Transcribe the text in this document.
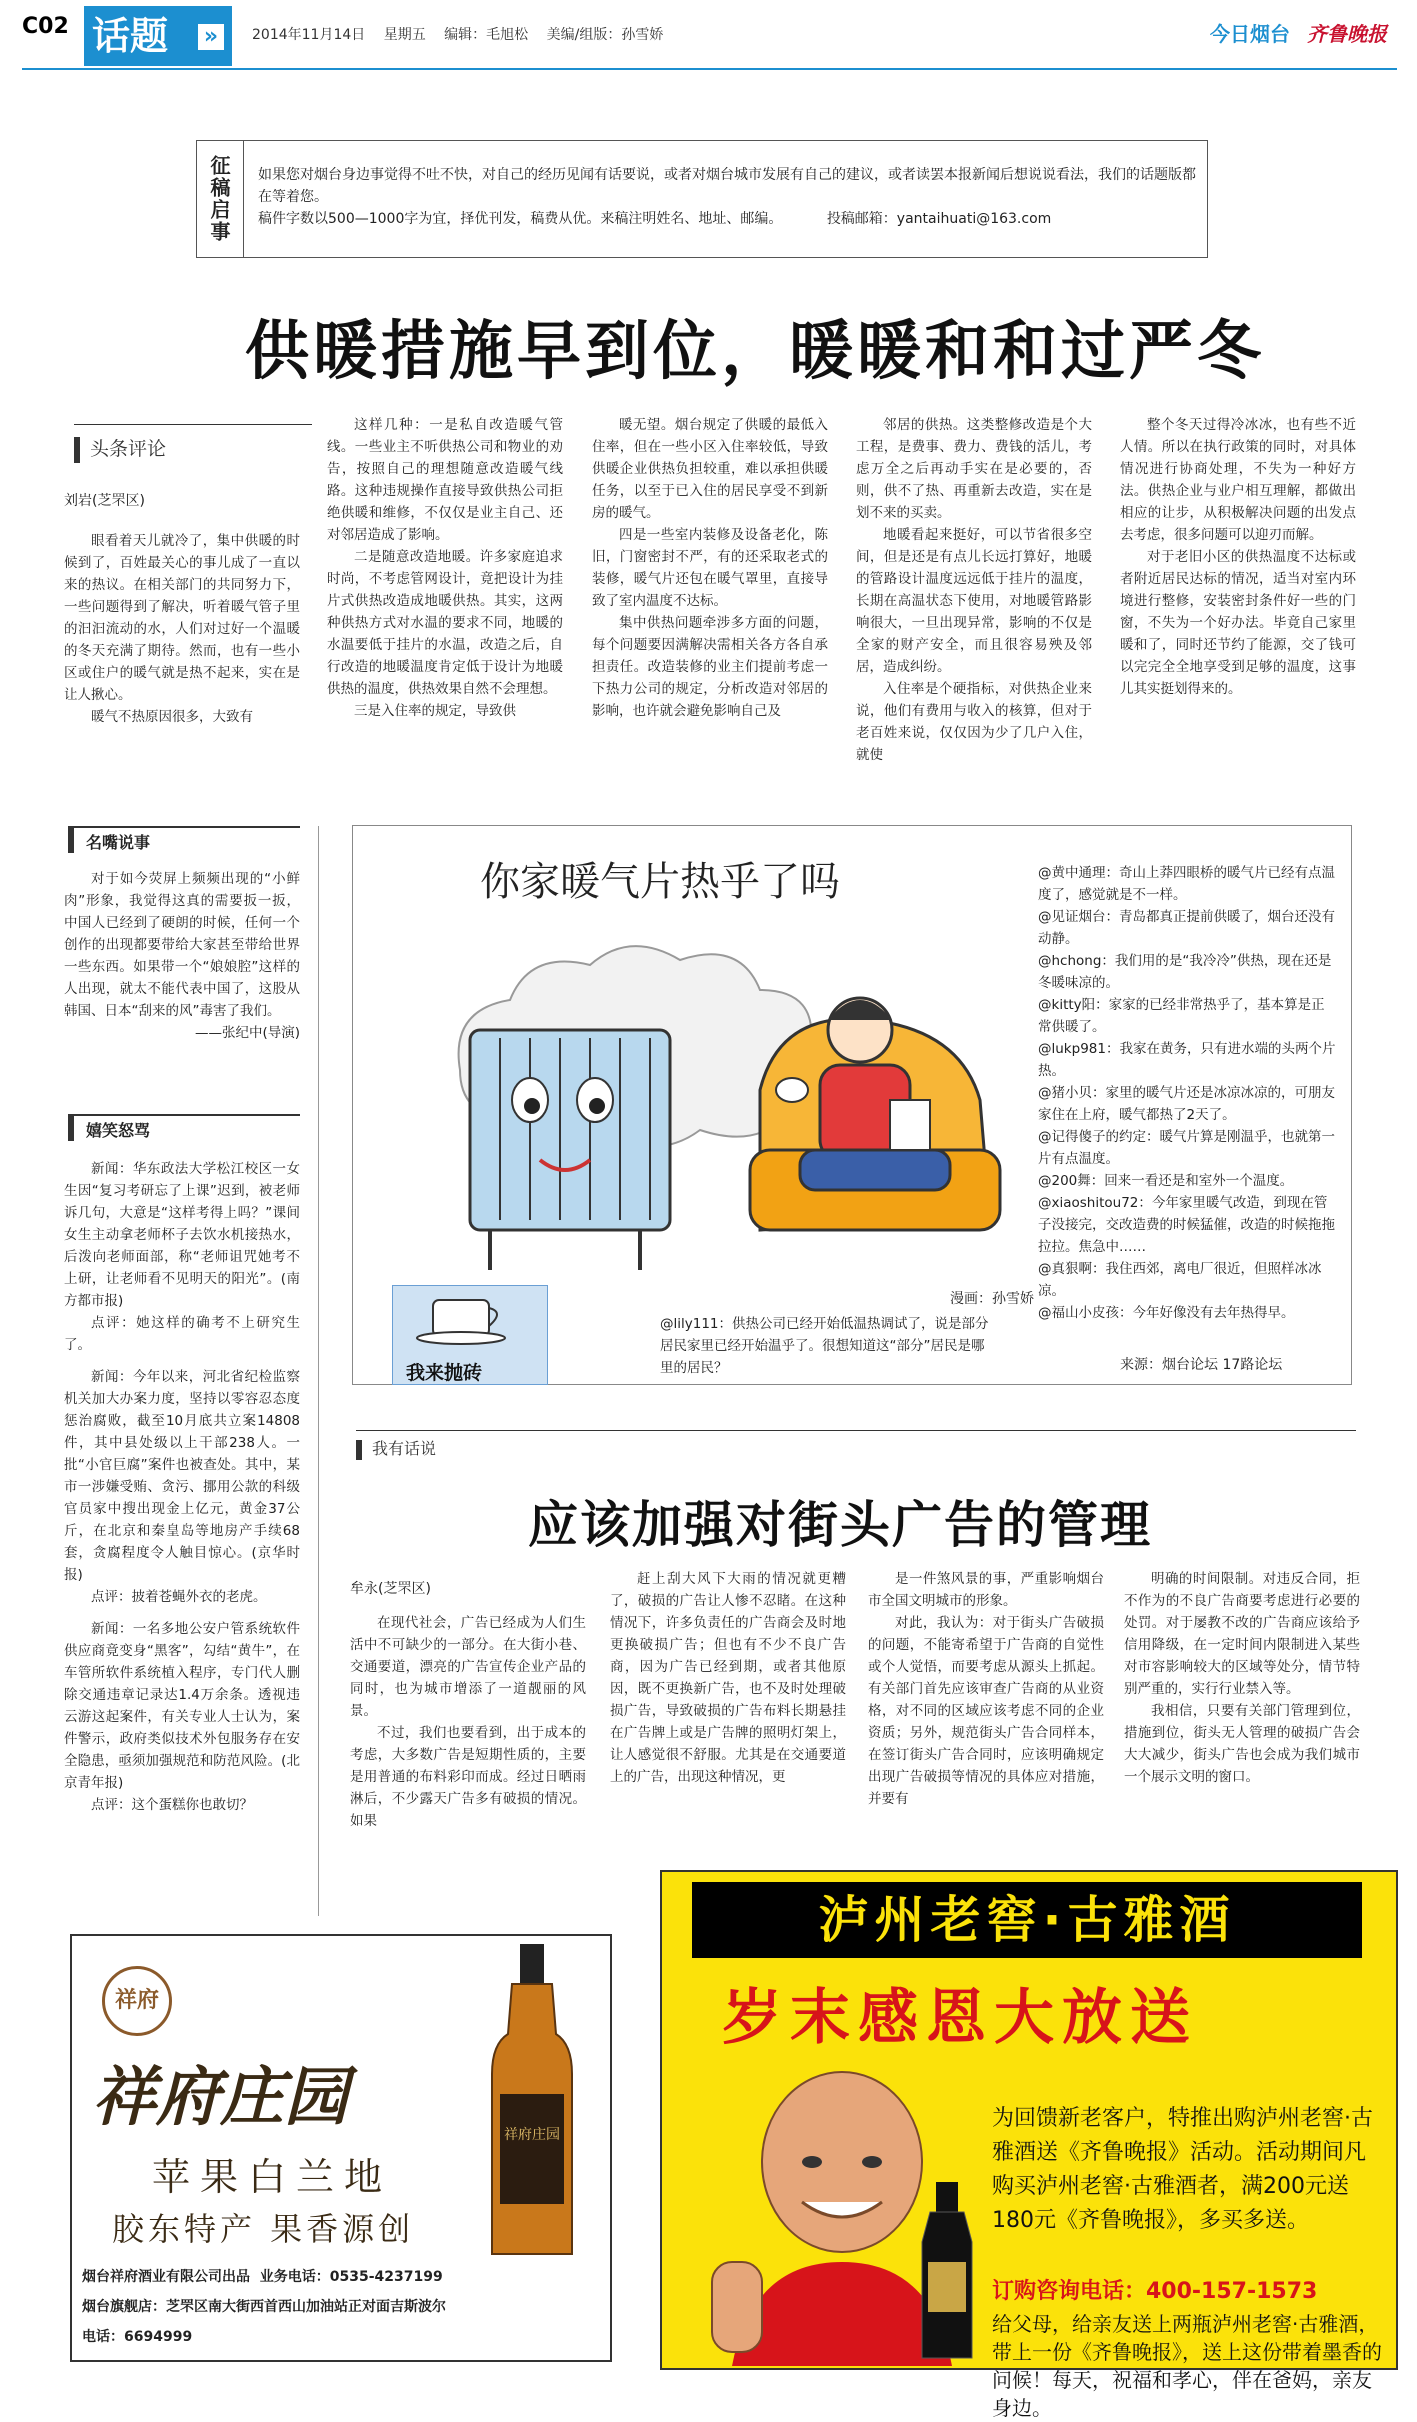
C02 话题 »	2014年11月14日 星期五 编辑：毛旭松 美编/组版：孙雪娇	今日烟台 齐鲁晚报
征稿启事	如果您对烟台身边事觉得不吐不快，对自己的经历见闻有话要说，或者对烟台城市发展有自己的建议，或者读罢本报新闻后想说说看法，我们的话题版都在等着您。
稿件字数以500—1000字为宜，择优刊发，稿费从优。来稿注明姓名、地址、邮编。	投稿邮箱：yantaihuati@163.com
供暖措施早到位，暖暖和和过严冬
头条评论
刘岩(芝罘区)

眼看着天儿就冷了，集中供暖的时候到了，百姓最关心的事儿成了一直以来的热议。在相关部门的共同努力下，一些问题得到了解决，听着暖气管子里的汩汩流动的水，人们对过好一个温暖的冬天充满了期待。然而，也有一些小区或住户的暖气就是热不起来，实在是让人揪心。

暖气不热原因很多，大致有

这样几种：一是私自改造暖气管线。一些业主不听供热公司和物业的劝告，按照自己的理想随意改造暖气线路。这种违规操作直接导致供热公司拒绝供暖和维修，不仅仅是业主自己、还对邻居造成了影响。

二是随意改造地暖。许多家庭追求时尚，不考虑管网设计，竟把设计为挂片式供热改造成地暖供热。其实，这两种供热方式对水温的要求不同，地暖的水温要低于挂片的水温，改造之后，自行改造的地暖温度肯定低于设计为地暖供热的温度，供热效果自然不会理想。

三是入住率的规定，导致供

暖无望。烟台规定了供暖的最低入住率，但在一些小区入住率较低，导致供暖企业供热负担较重，难以承担供暖任务，以至于已入住的居民享受不到新房的暖气。

四是一些室内装修及设备老化，陈旧，门窗密封不严，有的还采取老式的装修，暖气片还包在暖气罩里，直接导致了室内温度不达标。

集中供热问题牵涉多方面的问题，每个问题要因满解决需相关各方各自承担责任。改造装修的业主们提前考虑一下热力公司的规定，分析改造对邻居的影响，也许就会避免影响自己及

邻居的供热。这类整修改造是个大工程，是费事、费力、费钱的活儿，考虑万全之后再动手实在是必要的，否则，供不了热、再重新去改造，实在是划不来的买卖。

地暖看起来挺好，可以节省很多空间，但是还是有点儿长远打算好，地暖的管路设计温度远远低于挂片的温度，长期在高温状态下使用，对地暖管路影响很大，一旦出现异常，影响的不仅是全家的财产安全，而且很容易殃及邻居，造成纠纷。

入住率是个硬指标，对供热企业来说，他们有费用与收入的核算，但对于老百姓来说，仅仅因为少了几户入住，就使

整个冬天过得冷冰冰，也有些不近人情。所以在执行政策的同时，对具体情况进行协商处理，不失为一种好方法。供热企业与业户相互理解，都做出相应的让步，从积极解决问题的出发点去考虑，很多问题可以迎刃而解。

对于老旧小区的供热温度不达标或者附近居民达标的情况，适当对室内环境进行整修，安装密封条件好一些的门窗，不失为一个好办法。毕竟自己家里暖和了，同时还节约了能源，交了钱可以完完全全地享受到足够的温度，这事儿其实挺划得来的。

名嘴说事

对于如今荧屏上频频出现的“小鲜肉”形象，我觉得这真的需要扳一扳，中国人已经到了硬朗的时候，任何一个创作的出现都要带给大家甚至带给世界一些东西。如果带一个“娘娘腔”这样的人出现，就太不能代表中国了，这股从韩国、日本“刮来的风”毒害了我们。

——张纪中(导演)

嬉笑怒骂

新闻：华东政法大学松江校区一女生因“复习考研忘了上课”迟到，被老师诉几句，大意是“这样考得上吗？”课间女生主动拿老师杯子去饮水机接热水，后泼向老师面部，称“老师诅咒她考不上研，让老师看不见明天的阳光”。(南方都市报)

点评：她这样的确考不上研究生了。

新闻：今年以来，河北省纪检监察机关加大办案力度，坚持以零容忍态度惩治腐败，截至10月底共立案14808件，其中县处级以上干部238人。一批“小官巨腐”案件也被查处。其中，某市一涉嫌受贿、贪污、挪用公款的科级官员家中搜出现金上亿元，黄金37公斤，在北京和秦皇岛等地房产手续68套，贪腐程度令人触目惊心。(京华时报)

点评：披着苍蝇外衣的老虎。

新闻：一名多地公安户管系统软件供应商竟变身“黑客”，勾结“黄牛”，在车管所软件系统植入程序，专门代人删除交通违章记录达1.4万余条。透视违云游这起案件，有关专业人士认为，案件警示，政府类似技术外包服务存在安全隐患，亟须加强规范和防范风险。(北京青年报)

点评：这个蛋糕你也敢切？

你家暖气片热乎了吗
漫画：孙雪娇
我来抛砖

@黄中通理：奇山上莽四眼桥的暖气片已经有点温度了，感觉就是不一样。

@见证烟台：青岛都真正提前供暖了，烟台还没有动静。

@hchong：我们用的是“我冷冷”供热，现在还是冬暖味凉的。

@kitty阳：家家的已经非常热乎了，基本算是正常供暖了。

@lukp981：我家在黄务，只有进水端的头两个片热。

@猪小贝：家里的暖气片还是冰凉冰凉的，可朋友家住在上府，暖气都热了2天了。

@记得傻子的约定：暖气片算是刚温乎，也就第一片有点温度。

@200舞：回来一看还是和室外一个温度。

@xiaoshitou72：今年家里暖气改造，到现在管子没接完，交改造费的时候猛催，改造的时候拖拖拉拉。焦急中……

@真狠啊：我住西郊，离电厂很近，但照样冰冰凉。

@福山小皮孩：今年好像没有去年热得早。

@lily111：供热公司已经开始低温热调试了，说是部分居民家里已经开始温乎了。很想知道这“部分”居民是哪里的居民？	来源：烟台论坛 17路论坛
我有话说
应该加强对街头广告的管理
牟永(芝罘区)

在现代社会，广告已经成为人们生活中不可缺少的一部分。在大街小巷、交通要道，漂亮的广告宣传企业产品的同时，也为城市增添了一道靓丽的风景。

不过，我们也要看到，出于成本的考虑，大多数广告是短期性质的，主要是用普通的布料彩印而成。经过日晒雨淋后，不少露天广告多有破损的情况。如果

赶上刮大风下大雨的情况就更糟了，破损的广告让人惨不忍睹。在这种情况下，许多负责任的广告商会及时地更换破损广告；但也有不少不良广告商，因为广告已经到期，或者其他原因，既不更换新广告，也不及时处理破损广告，导致破损的广告布料长期悬挂在广告牌上或是广告牌的照明灯架上，让人感觉很不舒服。尤其是在交通要道上的广告，出现这种情况，更

是一件煞风景的事，严重影响烟台市全国文明城市的形象。

对此，我认为：对于街头广告破损的问题，不能寄希望于广告商的自觉性或个人觉悟，而要考虑从源头上抓起。有关部门首先应该审查广告商的从业资格，对不同的区域应该考虑不同的企业资质；另外，规范街头广告合同样本，在签订街头广告合同时，应该明确规定出现广告破损等情况的具体应对措施，并要有

明确的时间限制。对违反合同，拒不作为的不良广告商要考虑进行必要的处罚。对于屡教不改的广告商应该给予信用降级，在一定时间内限制进入某些对市容影响较大的区域等处分，情节特别严重的，实行行业禁入等。

我相信，只要有关部门管理到位，措施到位，街头无人管理的破损广告会大大减少，街头广告也会成为我们城市一个展示文明的窗口。

祥府
祥府庄园
苹果白兰地
胶东特产 果香源创
祥府庄园
烟台祥府酒业有限公司出品 业务电话：0535-4237199
烟台旗舰店：芝罘区南大街西首西山加油站正对面吉斯波尔
电话：6694999
泸州老窖·古雅酒
岁末感恩大放送
为回馈新老客户，特推出购泸州老窖·古雅酒送《齐鲁晚报》活动。活动期间凡购买泸州老窖·古雅酒者，满200元送180元《齐鲁晚报》，多买多送。
订购咨询电话：400-157-1573
给父母，给亲友送上两瓶泸州老窖·古雅酒，带上一份《齐鲁晚报》，送上这份带着墨香的问候！每天，祝福和孝心，伴在爸妈，亲友身边。
